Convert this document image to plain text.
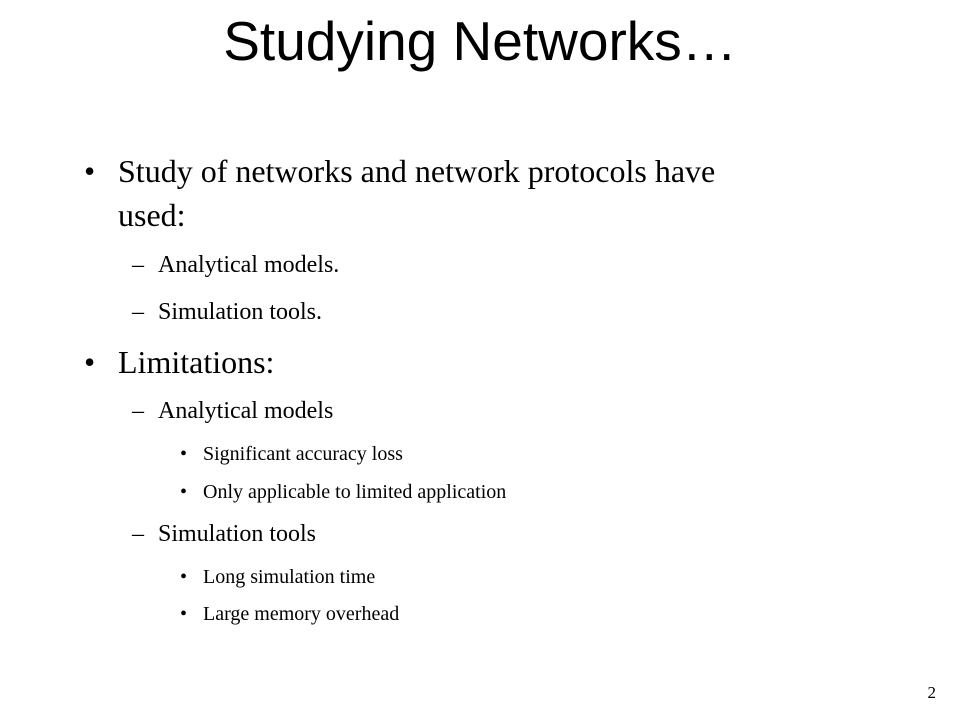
Studying Networks…
• Study of networks and network protocols have
used:
– Analytical models.
– Simulation tools.
• Limitations:
– Analytical models
• Significant accuracy loss
• Only applicable to limited application
– Simulation tools
• Long simulation time
• Large memory overhead
2
